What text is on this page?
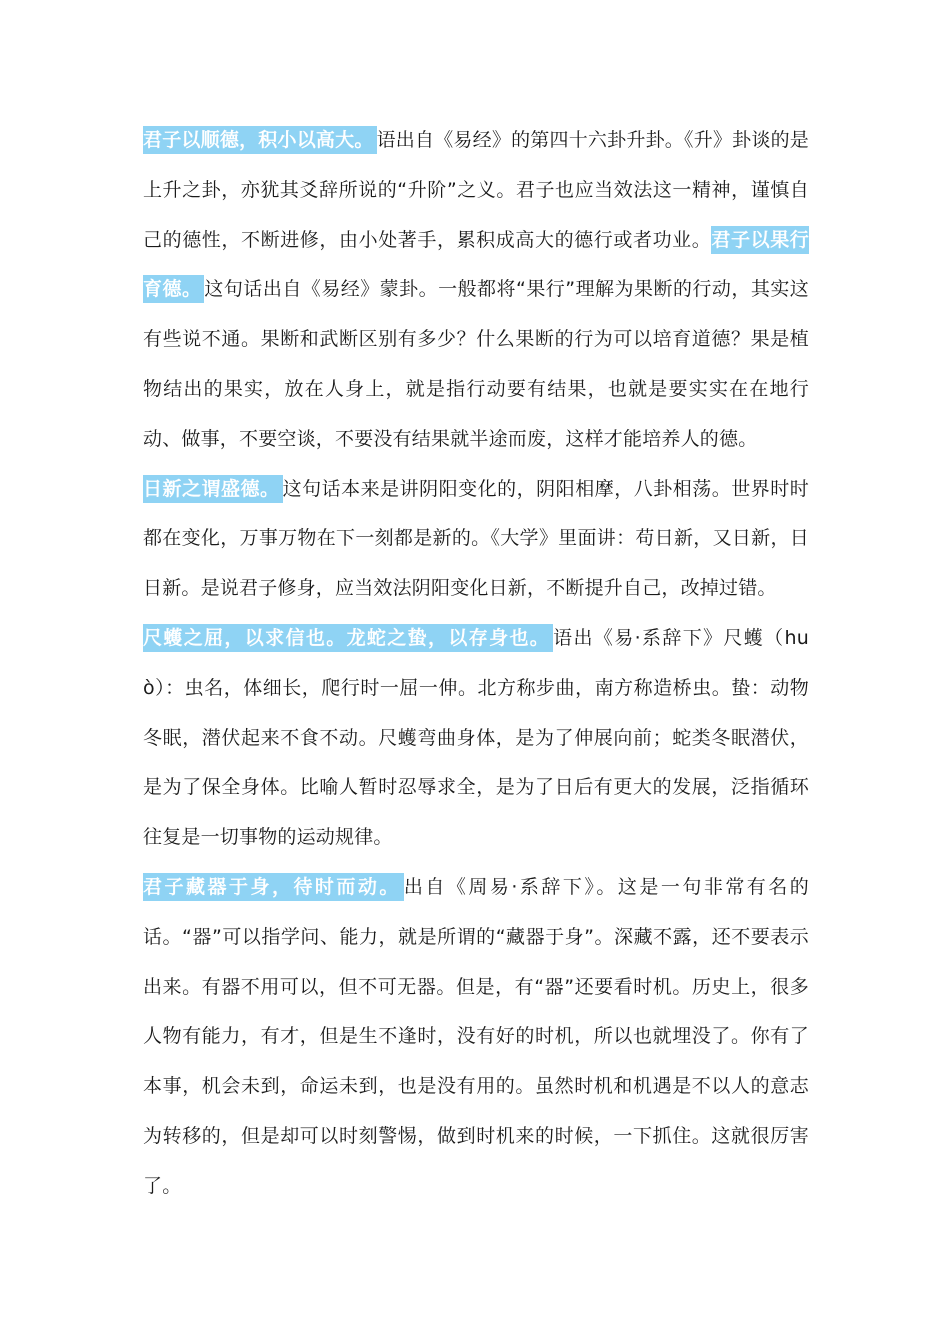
君子以顺德，积小以高大。 语出自《易经》的第四十六卦升卦。《升》卦谈的是上升之卦，亦犹其爻辞所说的“升阶”之义。君子也应当效法这一精神，谨慎自己的德性，不断进修，由小处著手，累积成高大的德行或者功业。君子以果行育德。 这句话出自《易经》蒙卦。一般都将“果行”理解为果断的行动，其实这有些说不通。果断和武断区别有多少？什么果断的行为可以培育道德？果是植物结出的果实，放在人身上，就是指行动要有结果，也就是要实实在在地行动、做事，不要空谈，不要没有结果就半途而废，这样才能培养人的德。
日新之谓盛德。 这句话本来是讲阴阳变化的，阴阳相摩，八卦相荡。世界时时都在变化，万事万物在下一刻都是新的。《大学》里面讲：苟日新，又日新，日日新。是说君子修身，应当效法阴阳变化日新，不断提升自己，改掉过错。
尺蠖之屈，以求信也。龙蛇之蛰，以存身也。 语出《易·系辞下》尺蠖（huò）：虫名，体细长，爬行时一屈一伸。北方称步曲，南方称造桥虫。蛰：动物冬眠，潜伏起来不食不动。尺蠖弯曲身体，是为了伸展向前；蛇类冬眠潜伏，是为了保全身体。比喻人暂时忍辱求全，是为了日后有更大的发展，泛指循环往复是一切事物的运动规律。
君子藏器于身，待时而动。 出自《周易·系辞下》。这是一句非常有名的话。“器”可以指学问、能力，就是所谓的“藏器于身”。深藏不露，还不要表示出来。有器不用可以，但不可无器。但是，有“器”还要看时机。历史上，很多人物有能力，有才，但是生不逢时，没有好的时机，所以也就埋没了。你有了本事，机会未到，命运未到，也是没有用的。虽然时机和机遇是不以人的意志为转移的，但是却可以时刻警惕，做到时机来的时候，一下抓住。这就很厉害了。
